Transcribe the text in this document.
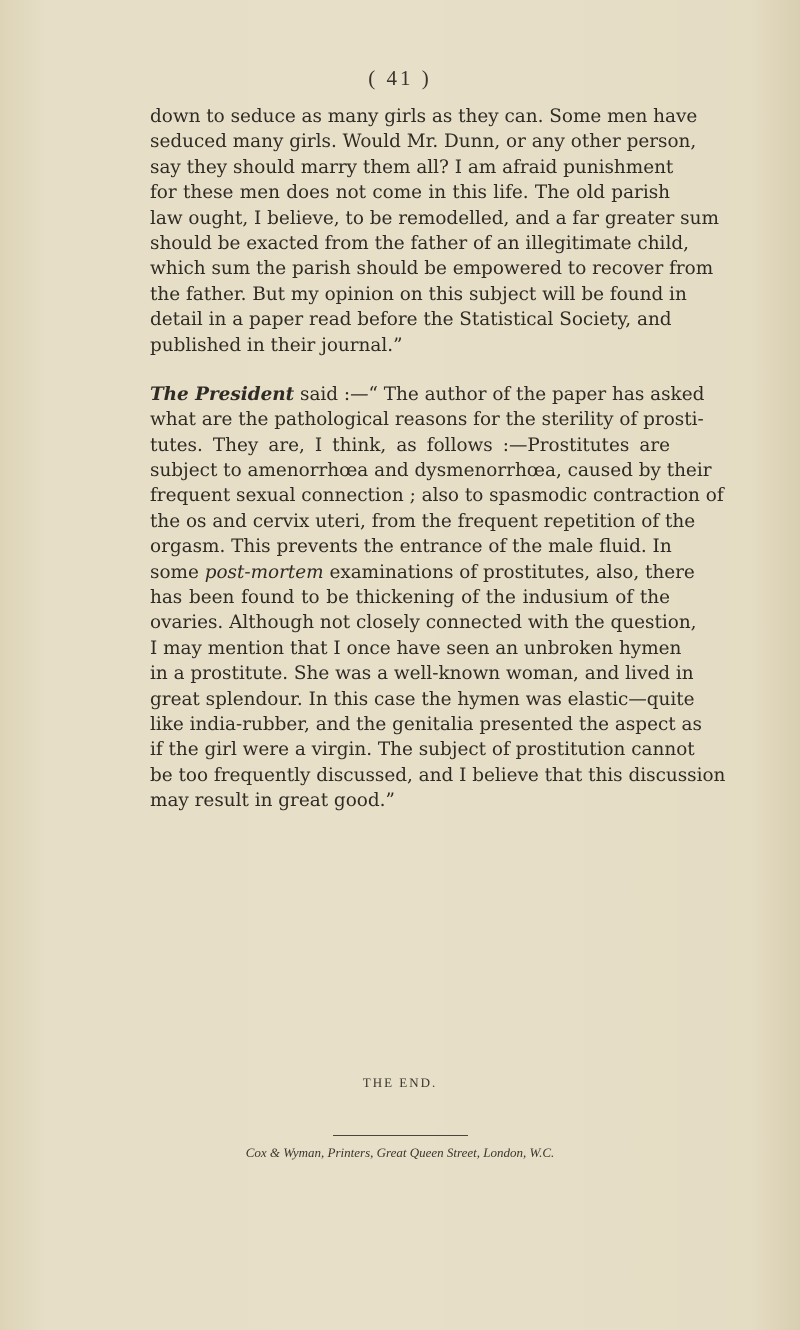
( 41 )
down to seduce as many girls as they can. Some men have
seduced many girls. Would Mr. Dunn, or any other person,
say they should marry them all? I am afraid punishment
for these men does not come in this life. The old parish
law ought, I believe, to be remodelled, and a far greater sum
should be exacted from the father of an illegitimate child,
which sum the parish should be empowered to recover from
the father. But my opinion on this subject will be found in
detail in a paper read before the Statistical Society, and
published in their journal.”
The President said :—“ The author of the paper has asked
what are the pathological reasons for the sterility of prosti-
tutes. They are, I think, as follows :—Prostitutes are
subject to amenorrhœa and dysmenorrhœa, caused by their
frequent sexual connection ; also to spasmodic contraction of
the os and cervix uteri, from the frequent repetition of the
orgasm. This prevents the entrance of the male fluid. In
some post-mortem examinations of prostitutes, also, there
has been found to be thickening of the indusium of the
ovaries. Although not closely connected with the question,
I may mention that I once have seen an unbroken hymen
in a prostitute. She was a well-known woman, and lived in
great splendour. In this case the hymen was elastic—quite
like india-rubber, and the genitalia presented the aspect as
if the girl were a virgin. The subject of prostitution cannot
be too frequently discussed, and I believe that this discussion
may result in great good.”
THE END.
Cox & Wyman, Printers, Great Queen Street, London, W.C.
